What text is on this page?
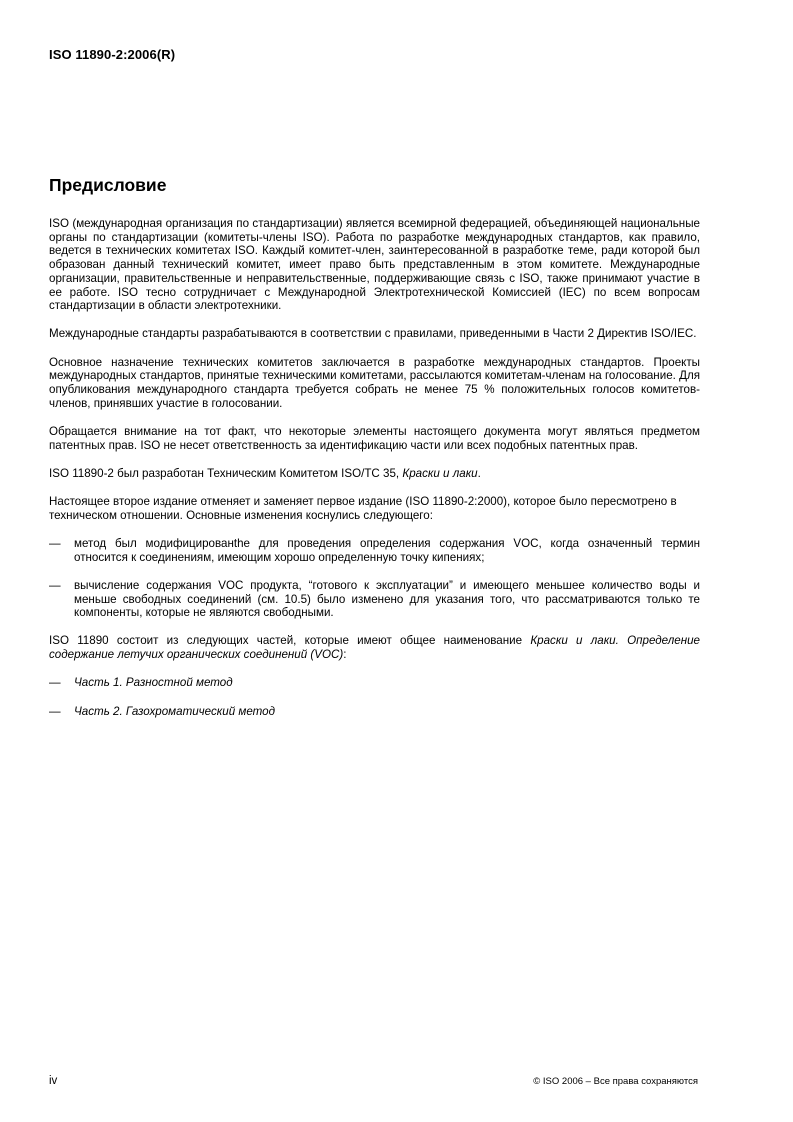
ISO 11890-2:2006(R)
Предисловие

ISO (международная организация по стандартизации) является всемирной федерацией, объединяющей национальные органы по стандартизации (комитеты-члены ISO). Работа по разработке международных стандартов, как правило, ведется в технических комитетах ISO. Каждый комитет-член, заинтересованной в разработке теме, ради которой был образован данный технический комитет, имеет право быть представленным в этом комитете. Международные организации, правительственные и неправительственные, поддерживающие связь с ISO, также принимают участие в ее работе. ISO тесно сотрудничает с Международной Электротехнической Комиссией (IEC) по всем вопросам стандартизации в области электротехники.

Международные стандарты разрабатываются в соответствии с правилами, приведенными в Части 2 Директив ISO/IEC.

Основное назначение технических комитетов заключается в разработке международных стандартов. Проекты международных стандартов, принятые техническими комитетами, рассылаются комитетам-членам на голосование. Для опубликования международного стандарта требуется собрать не менее 75 % положительных голосов комитетов-членов, принявших участие в голосовании.

Обращается внимание на тот факт, что некоторые элементы настоящего документа могут являться предметом патентных прав. ISO не несет ответственность за идентификацию части или всех подобных патентных прав.

ISO 11890-2 был разработан Техническим Комитетом ISO/TC 35, Краски и лаки.

Настоящее второе издание отменяет и заменяет первое издание (ISO 11890-2:2000), которое было пересмотрено в техническом отношении. Основные изменения коснулись следующего:

—	метод был модифицированthe для проведения определения содержания VOC, когда означенный термин относится к соединениям, имеющим хорошо определенную точку кипениях;
—	вычисление содержания VOC продукта, “готового к эксплуатации” и имеющего меньшее количество воды и меньше свободных соединений (см. 10.5) было изменено для указания того, что рассматриваются только те компоненты, которые не являются свободными.

ISO 11890 состоит из следующих частей, которые имеют общее наименование Краски и лаки. Определение содержание летучих органических соединений (VOC):

—	Часть 1. Разностной метод
—	Часть 2. Газохроматический метод
iv	© ISO 2006 – Все права сохраняются
